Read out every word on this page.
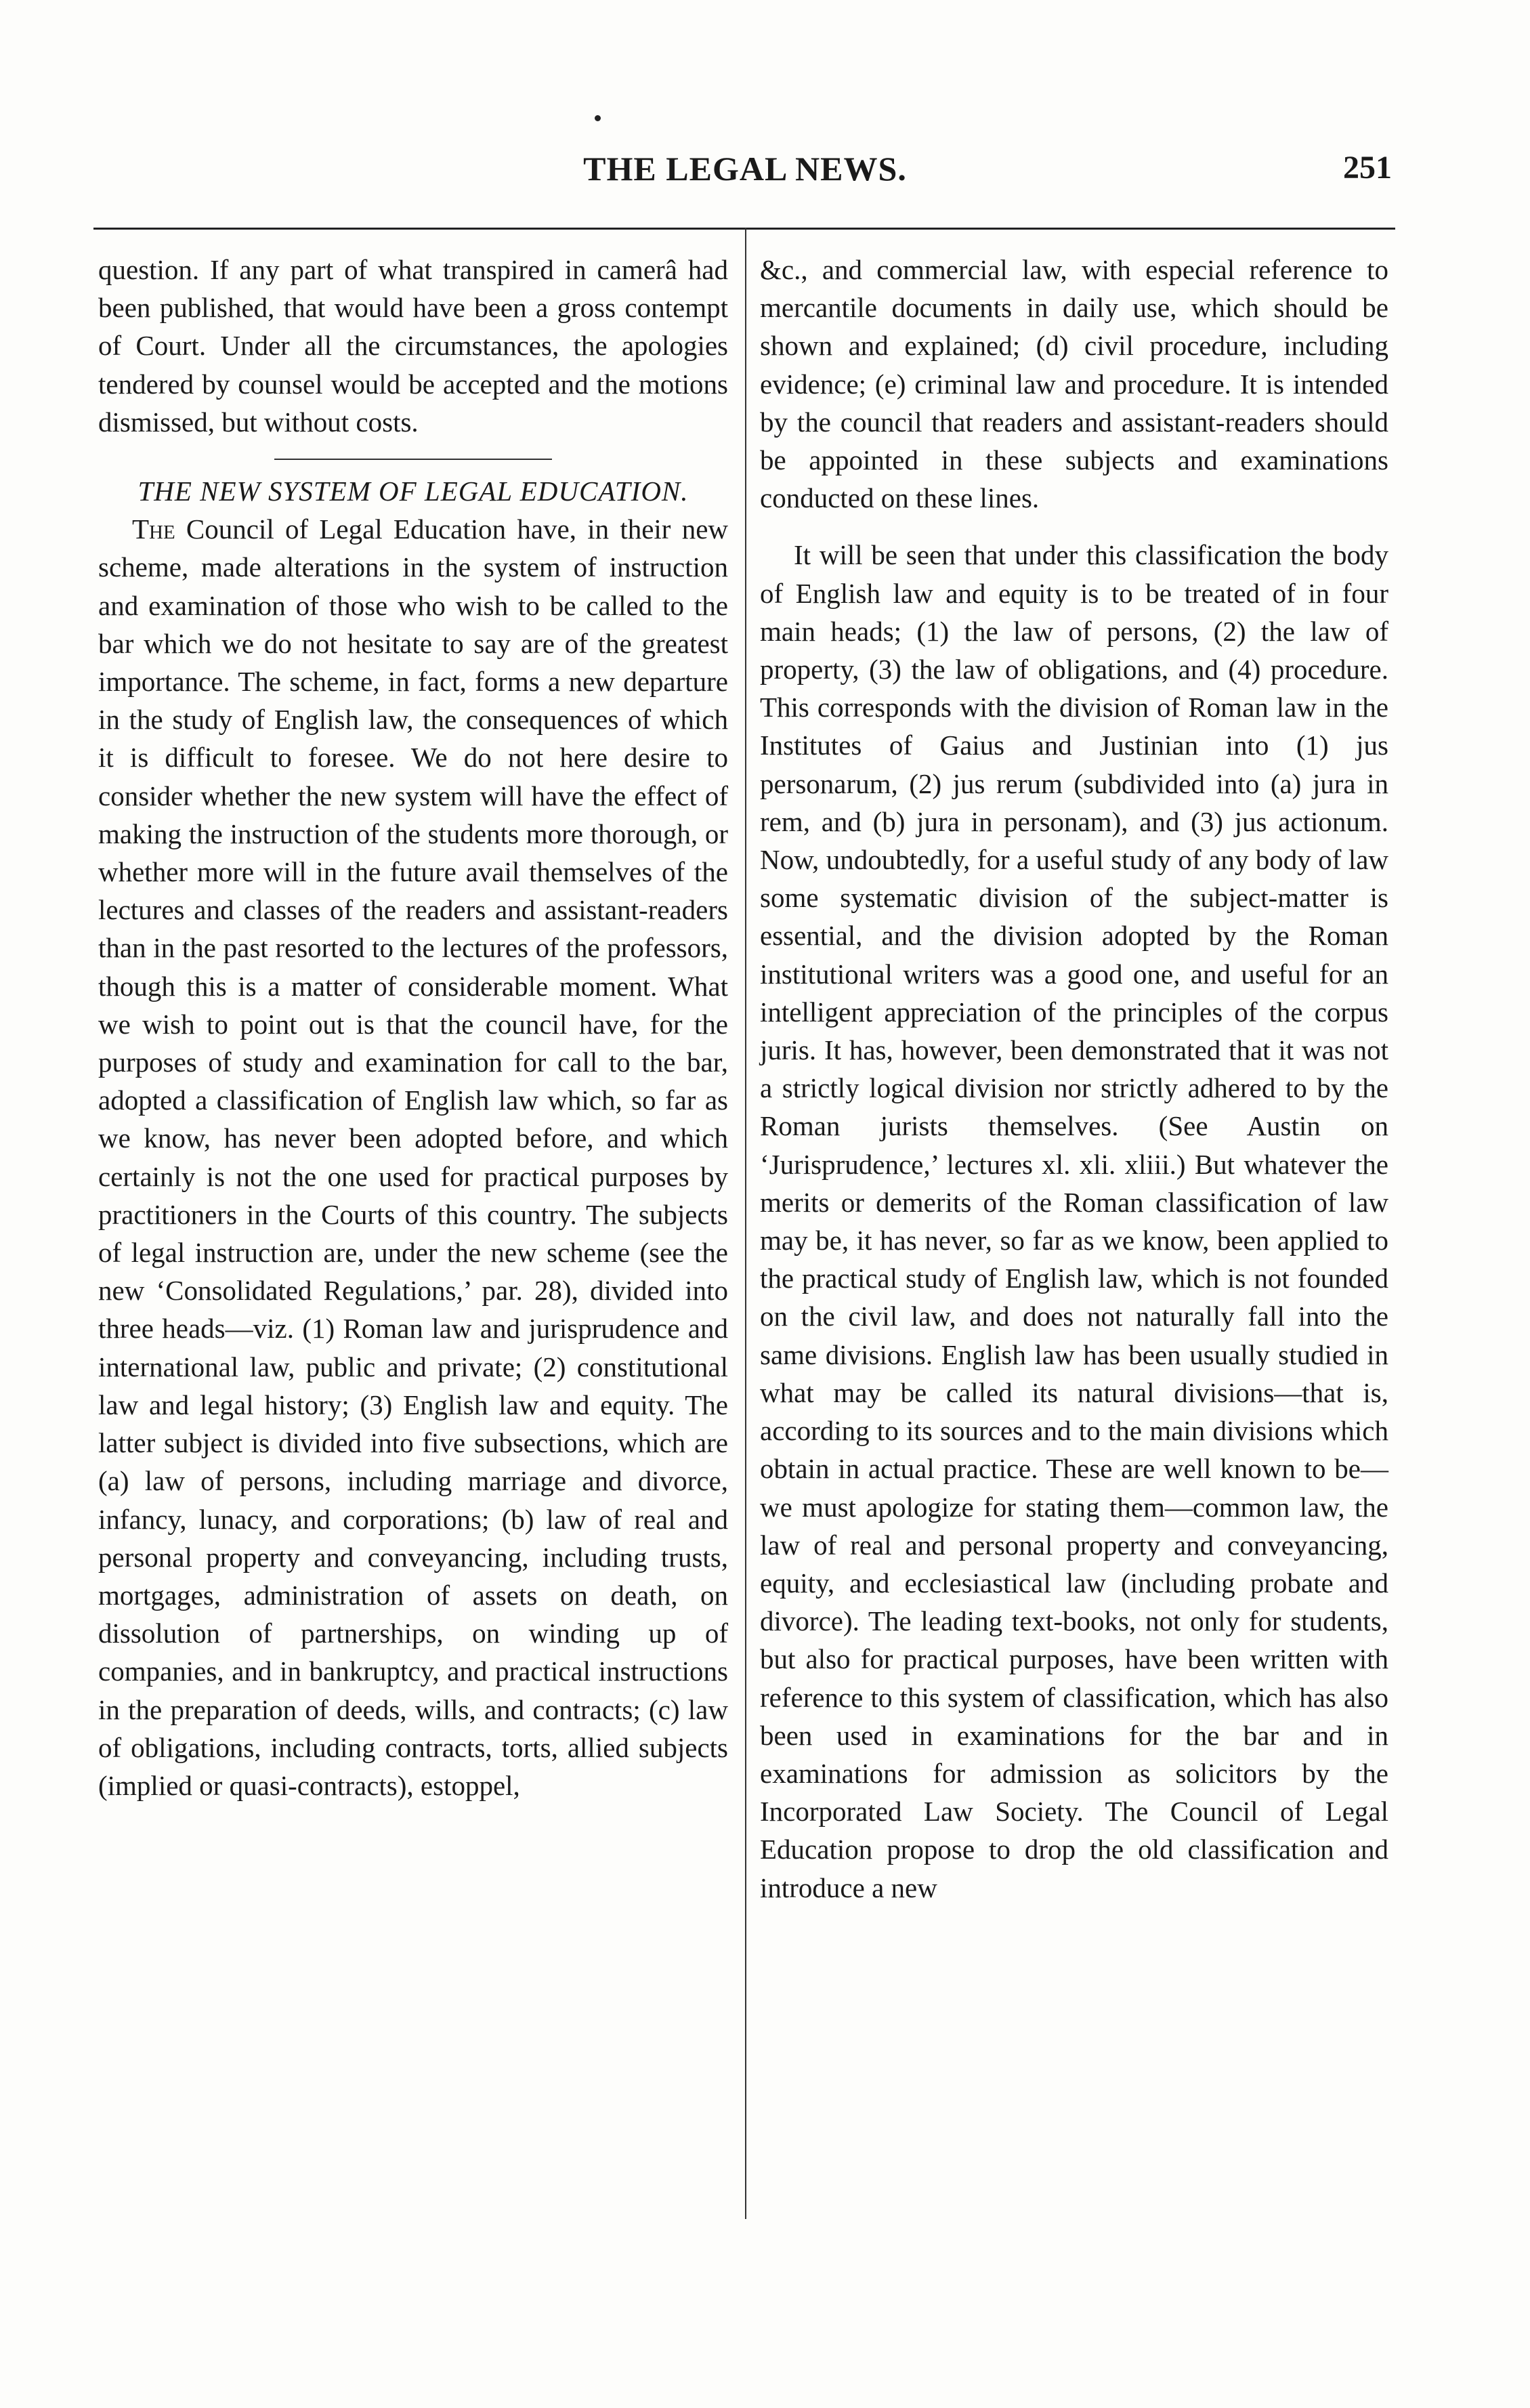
THE LEGAL NEWS.	251

question. If any part of what transpired in camerâ had been published, that would have been a gross contempt of Court. Under all the circumstances, the apologies tendered by counsel would be accepted and the motions dismissed, but without costs.

THE NEW SYSTEM OF LEGAL EDUCATION.

The Council of Legal Education have, in their new scheme, made alterations in the system of instruction and examination of those who wish to be called to the bar which we do not hesitate to say are of the greatest importance. The scheme, in fact, forms a new departure in the study of English law, the consequences of which it is difficult to foresee. We do not here desire to consider whether the new system will have the effect of making the instruction of the students more thorough, or whether more will in the future avail themselves of the lectures and classes of the readers and assistant-readers than in the past resorted to the lectures of the professors, though this is a matter of considerable moment. What we wish to point out is that the council have, for the purposes of study and examination for call to the bar, adopted a classification of English law which, so far as we know, has never been adopted before, and which certainly is not the one used for practical purposes by practitioners in the Courts of this country. The subjects of legal instruction are, under the new scheme (see the new ‘Consolidated Regulations,’ par. 28), divided into three heads—viz. (1) Roman law and jurisprudence and international law, public and private; (2) constitutional law and legal history; (3) English law and equity. The latter subject is divided into five subsections, which are (a) law of persons, including marriage and divorce, infancy, lunacy, and corporations; (b) law of real and personal property and conveyancing, including trusts, mortgages, administration of assets on death, on dissolution of partnerships, on winding up of companies, and in bankruptcy, and practical instructions in the preparation of deeds, wills, and contracts; (c) law of obligations, including contracts, torts, allied subjects (implied or quasi-contracts), estoppel,

&c., and commercial law, with especial reference to mercantile documents in daily use, which should be shown and explained; (d) civil procedure, including evidence; (e) criminal law and procedure. It is intended by the council that readers and assistant-readers should be appointed in these subjects and examinations conducted on these lines.

It will be seen that under this classification the body of English law and equity is to be treated of in four main heads; (1) the law of persons, (2) the law of property, (3) the law of obligations, and (4) procedure. This corresponds with the division of Roman law in the Institutes of Gaius and Justinian into (1) jus personarum, (2) jus rerum (subdivided into (a) jura in rem, and (b) jura in personam), and (3) jus actionum. Now, undoubtedly, for a useful study of any body of law some systematic division of the subject-matter is essential, and the division adopted by the Roman institutional writers was a good one, and useful for an intelligent appreciation of the principles of the corpus juris. It has, however, been demonstrated that it was not a strictly logical division nor strictly adhered to by the Roman jurists themselves. (See Austin on ‘Jurisprudence,’ lectures xl. xli. xliii.) But whatever the merits or demerits of the Roman classification of law may be, it has never, so far as we know, been applied to the practical study of English law, which is not founded on the civil law, and does not naturally fall into the same divisions. English law has been usually studied in what may be called its natural divisions—that is, according to its sources and to the main divisions which obtain in actual practice. These are well known to be—we must apologize for stating them—common law, the law of real and personal property and conveyancing, equity, and ecclesiastical law (including probate and divorce). The leading text-books, not only for students, but also for practical purposes, have been written with reference to this system of classification, which has also been used in examinations for the bar and in examinations for admission as solicitors by the Incorporated Law Society. The Council of Legal Education propose to drop the old classification and introduce a new
